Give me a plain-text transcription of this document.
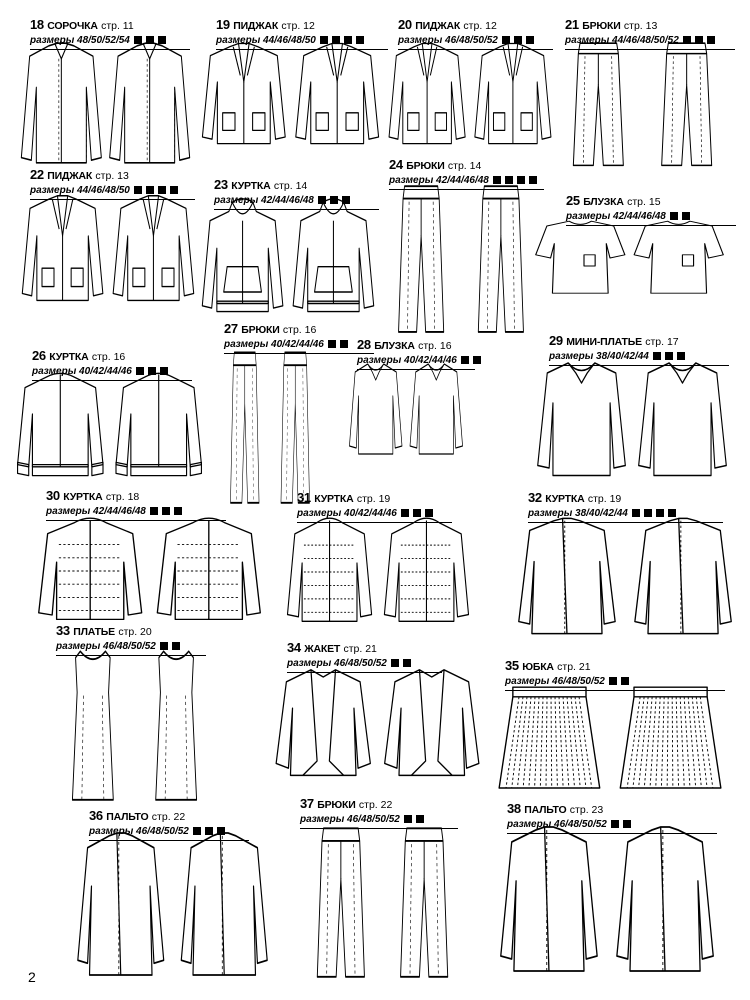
18 СОРОЧКА стр. 11
размеры 48/50/52/54
19 ПИДЖАК стр. 12
размеры 44/46/48/50
20 ПИДЖАК стр. 12
размеры 46/48/50/52
21 БРЮКИ стр. 13
размеры 44/46/48/50/52
22 ПИДЖАК стр. 13
размеры 44/46/48/50	23 КУРТКА стр. 14
размеры 42/44/46/48
24 БРЮКИ стр. 14
размеры 42/44/46/48
25 БЛУЗКА стр. 15
размеры 42/44/46/48
26 КУРТКА стр. 16
размеры 40/42/44/46
27 БРЮКИ стр. 16
размеры 40/42/44/46	28 БЛУЗКА стр. 16
размеры 40/42/44/46
29 МИНИ-ПЛАТЬЕ стр. 17
размеры 38/40/42/44
30 КУРТКА стр. 18
размеры 42/44/46/48
31 КУРТКА стр. 19
размеры 40/42/44/46
32 КУРТКА стр. 19
размеры 38/40/42/44
33 ПЛАТЬЕ стр. 20
размеры 46/48/50/52	34 ЖАКЕТ стр. 21
размеры 46/48/50/52	35 ЮБКА стр. 21
размеры 46/48/50/52
36 ПАЛЬТО стр. 22
размеры 46/48/50/52
37 БРЮКИ стр. 22
размеры 46/48/50/52
38 ПАЛЬТО стр. 23
размеры 46/48/50/52
2
